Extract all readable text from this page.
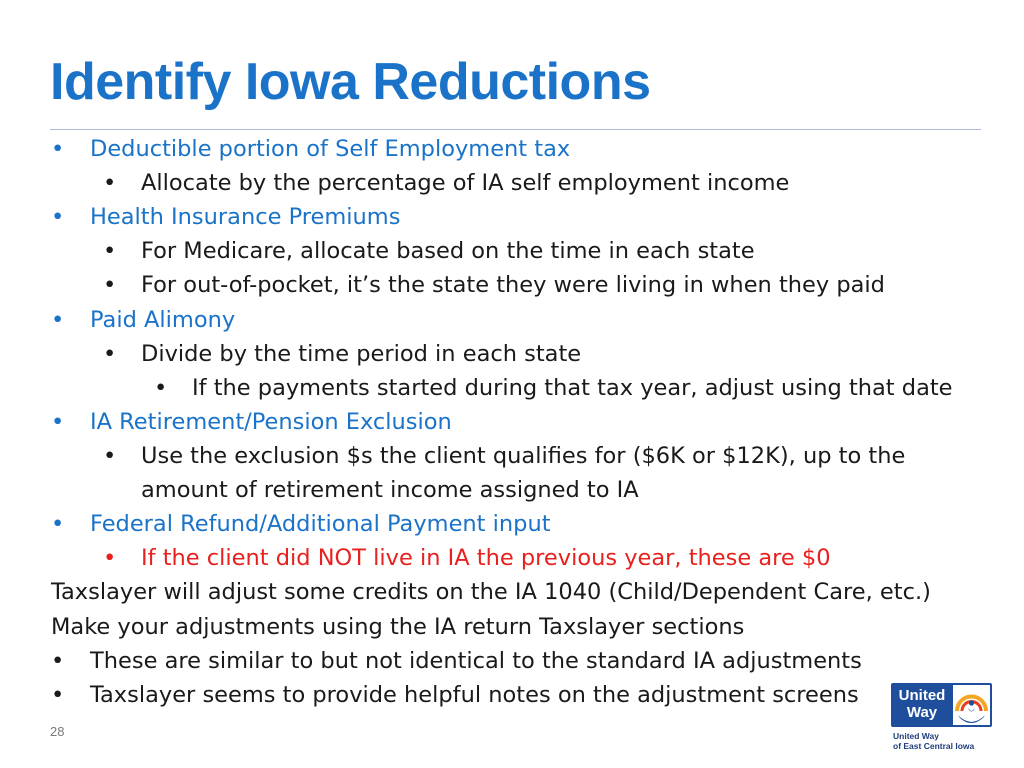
Identify Iowa Reductions
• Deductible portion of Self Employment tax
• Allocate by the percentage of IA self employment income
• Health Insurance Premiums
• For Medicare, allocate based on the time in each state
• For out-of-pocket, it’s the state they were living in when they paid
• Paid Alimony
• Divide by the time period in each state
• If the payments started during that tax year, adjust using that date
• IA Retirement/Pension Exclusion
• Use the exclusion $s the client qualifies for ($6K or $12K), up to the
amount of retirement income assigned to IA
• Federal Refund/Additional Payment input
• If the client did NOT live in IA the previous year, these are $0
Taxslayer will adjust some credits on the IA 1040 (Child/Dependent Care, etc.)
Make your adjustments using the IA return Taxslayer sections
• These are similar to but not identical to the standard IA adjustments
• Taxslayer seems to provide helpful notes on the adjustment screens
28
United
Way
United Way
of East Central Iowa
